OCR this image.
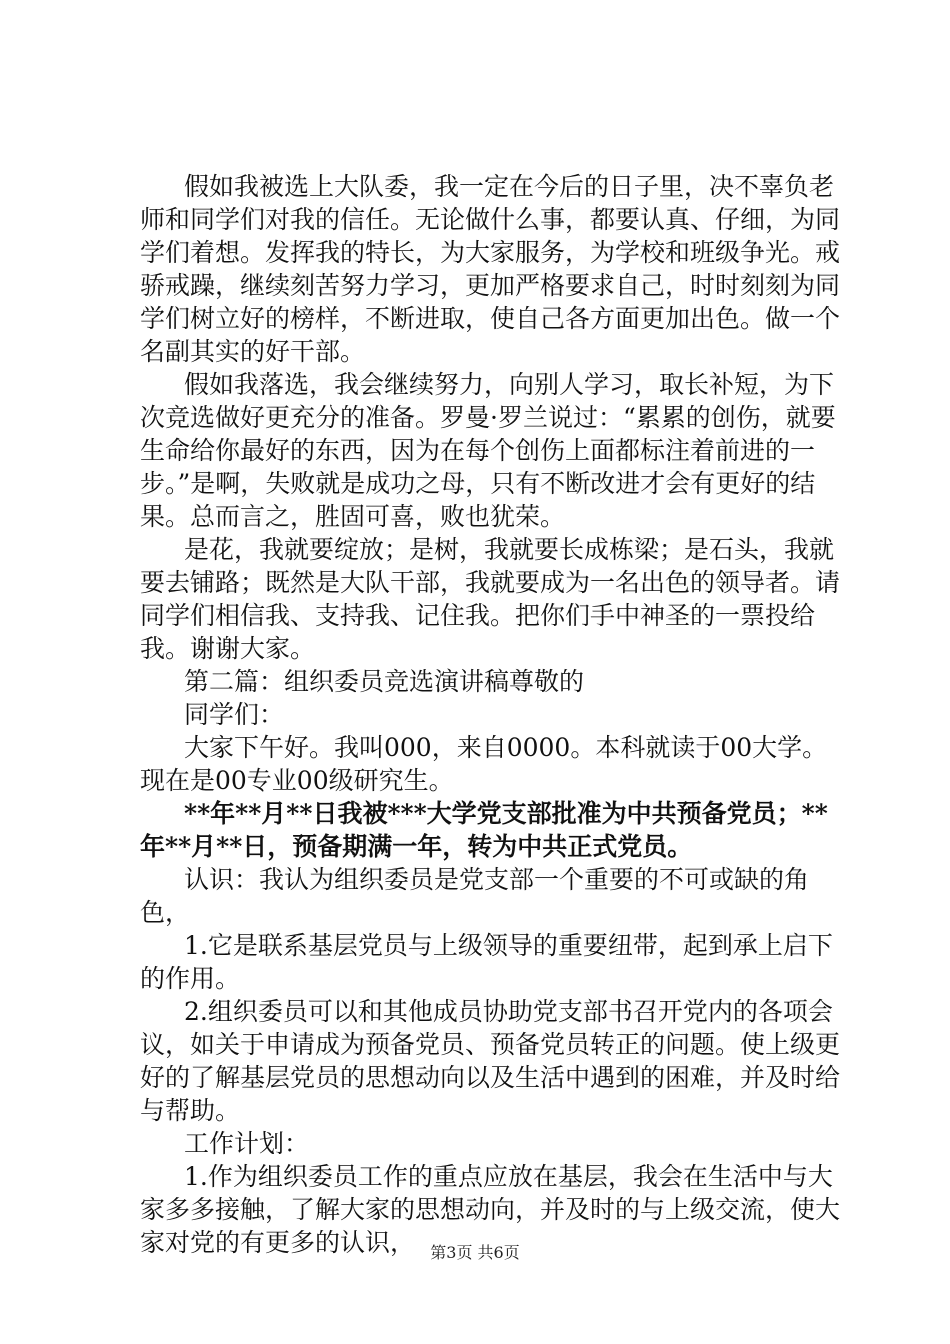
假如我被选上大队委，我一定在今后的日子里，决不辜负老师和同学们对我的信任。无论做什么事，都要认真、仔细，为同学们着想。发挥我的特长，为大家服务，为学校和班级争光。戒骄戒躁，继续刻苦努力学习，更加严格要求自己，时时刻刻为同学们树立好的榜样，不断进取，使自己各方面更加出色。做一个名副其实的好干部。

假如我落选，我会继续努力，向别人学习，取长补短，为下次竞选做好更充分的准备。罗曼·罗兰说过：“累累的创伤，就要生命给你最好的东西，因为在每个创伤上面都标注着前进的一步。”是啊，失败就是成功之母，只有不断改进才会有更好的结果。总而言之，胜固可喜，败也犹荣。

是花，我就要绽放；是树，我就要长成栋梁；是石头，我就要去铺路；既然是大队干部，我就要成为一名出色的领导者。请同学们相信我、支持我、记住我。把你们手中神圣的一票投给我。谢谢大家。

第二篇：组织委员竞选演讲稿尊敬的

同学们：

大家下午好。我叫000，来自0000。本科就读于00大学。现在是00专业00级研究生。

**年**月**日我被***大学党支部批准为中共预备党员；**年**月**日，预备期满一年，转为中共正式党员。

认识：我认为组织委员是党支部一个重要的不可或缺的角色，

1.它是联系基层党员与上级领导的重要纽带，起到承上启下的作用。

2.组织委员可以和其他成员协助党支部书召开党内的各项会议，如关于申请成为预备党员、预备党员转正的问题。使上级更好的了解基层党员的思想动向以及生活中遇到的困难，并及时给与帮助。

工作计划：

1.作为组织委员工作的重点应放在基层，我会在生活中与大家多多接触，了解大家的思想动向，并及时的与上级交流，使大家对党的有更多的认识， 第3页 共6页
